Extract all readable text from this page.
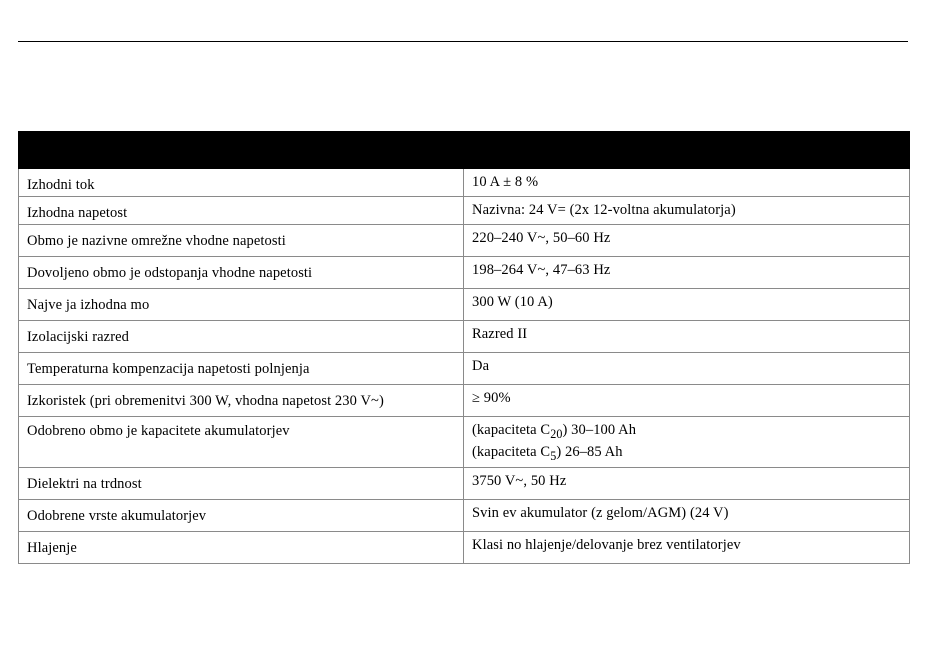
Izhodni tok	10 A ± 8 %
Izhodna napetost	Nazivna: 24 V= (2x 12-voltna akumulatorja)
Obmo je nazivne omrežne vhodne napetosti	220–240 V~, 50–60 Hz
Dovoljeno obmo je odstopanja vhodne napetosti	198–264 V~, 47–63 Hz
Najve ja izhodna mo	300 W (10 A)
Izolacijski razred	Razred II
Temperaturna kompenzacija napetosti polnjenja	Da
Izkoristek (pri obremenitvi 300 W, vhodna napetost 230 V~)	≥ 90%
Odobreno obmo je kapacitete akumulatorjev	(kapaciteta $C_{20}$) 30–100 Ah
(kapaciteta $C_5$) 26–85 Ah

Dielektri na trdnost	3750 V~, 50 Hz
Odobrene vrste akumulatorjev	Svin ev akumulator (z gelom/AGM) (24 V)
Hlajenje	Klasi no hlajenje/delovanje brez ventilatorjev
